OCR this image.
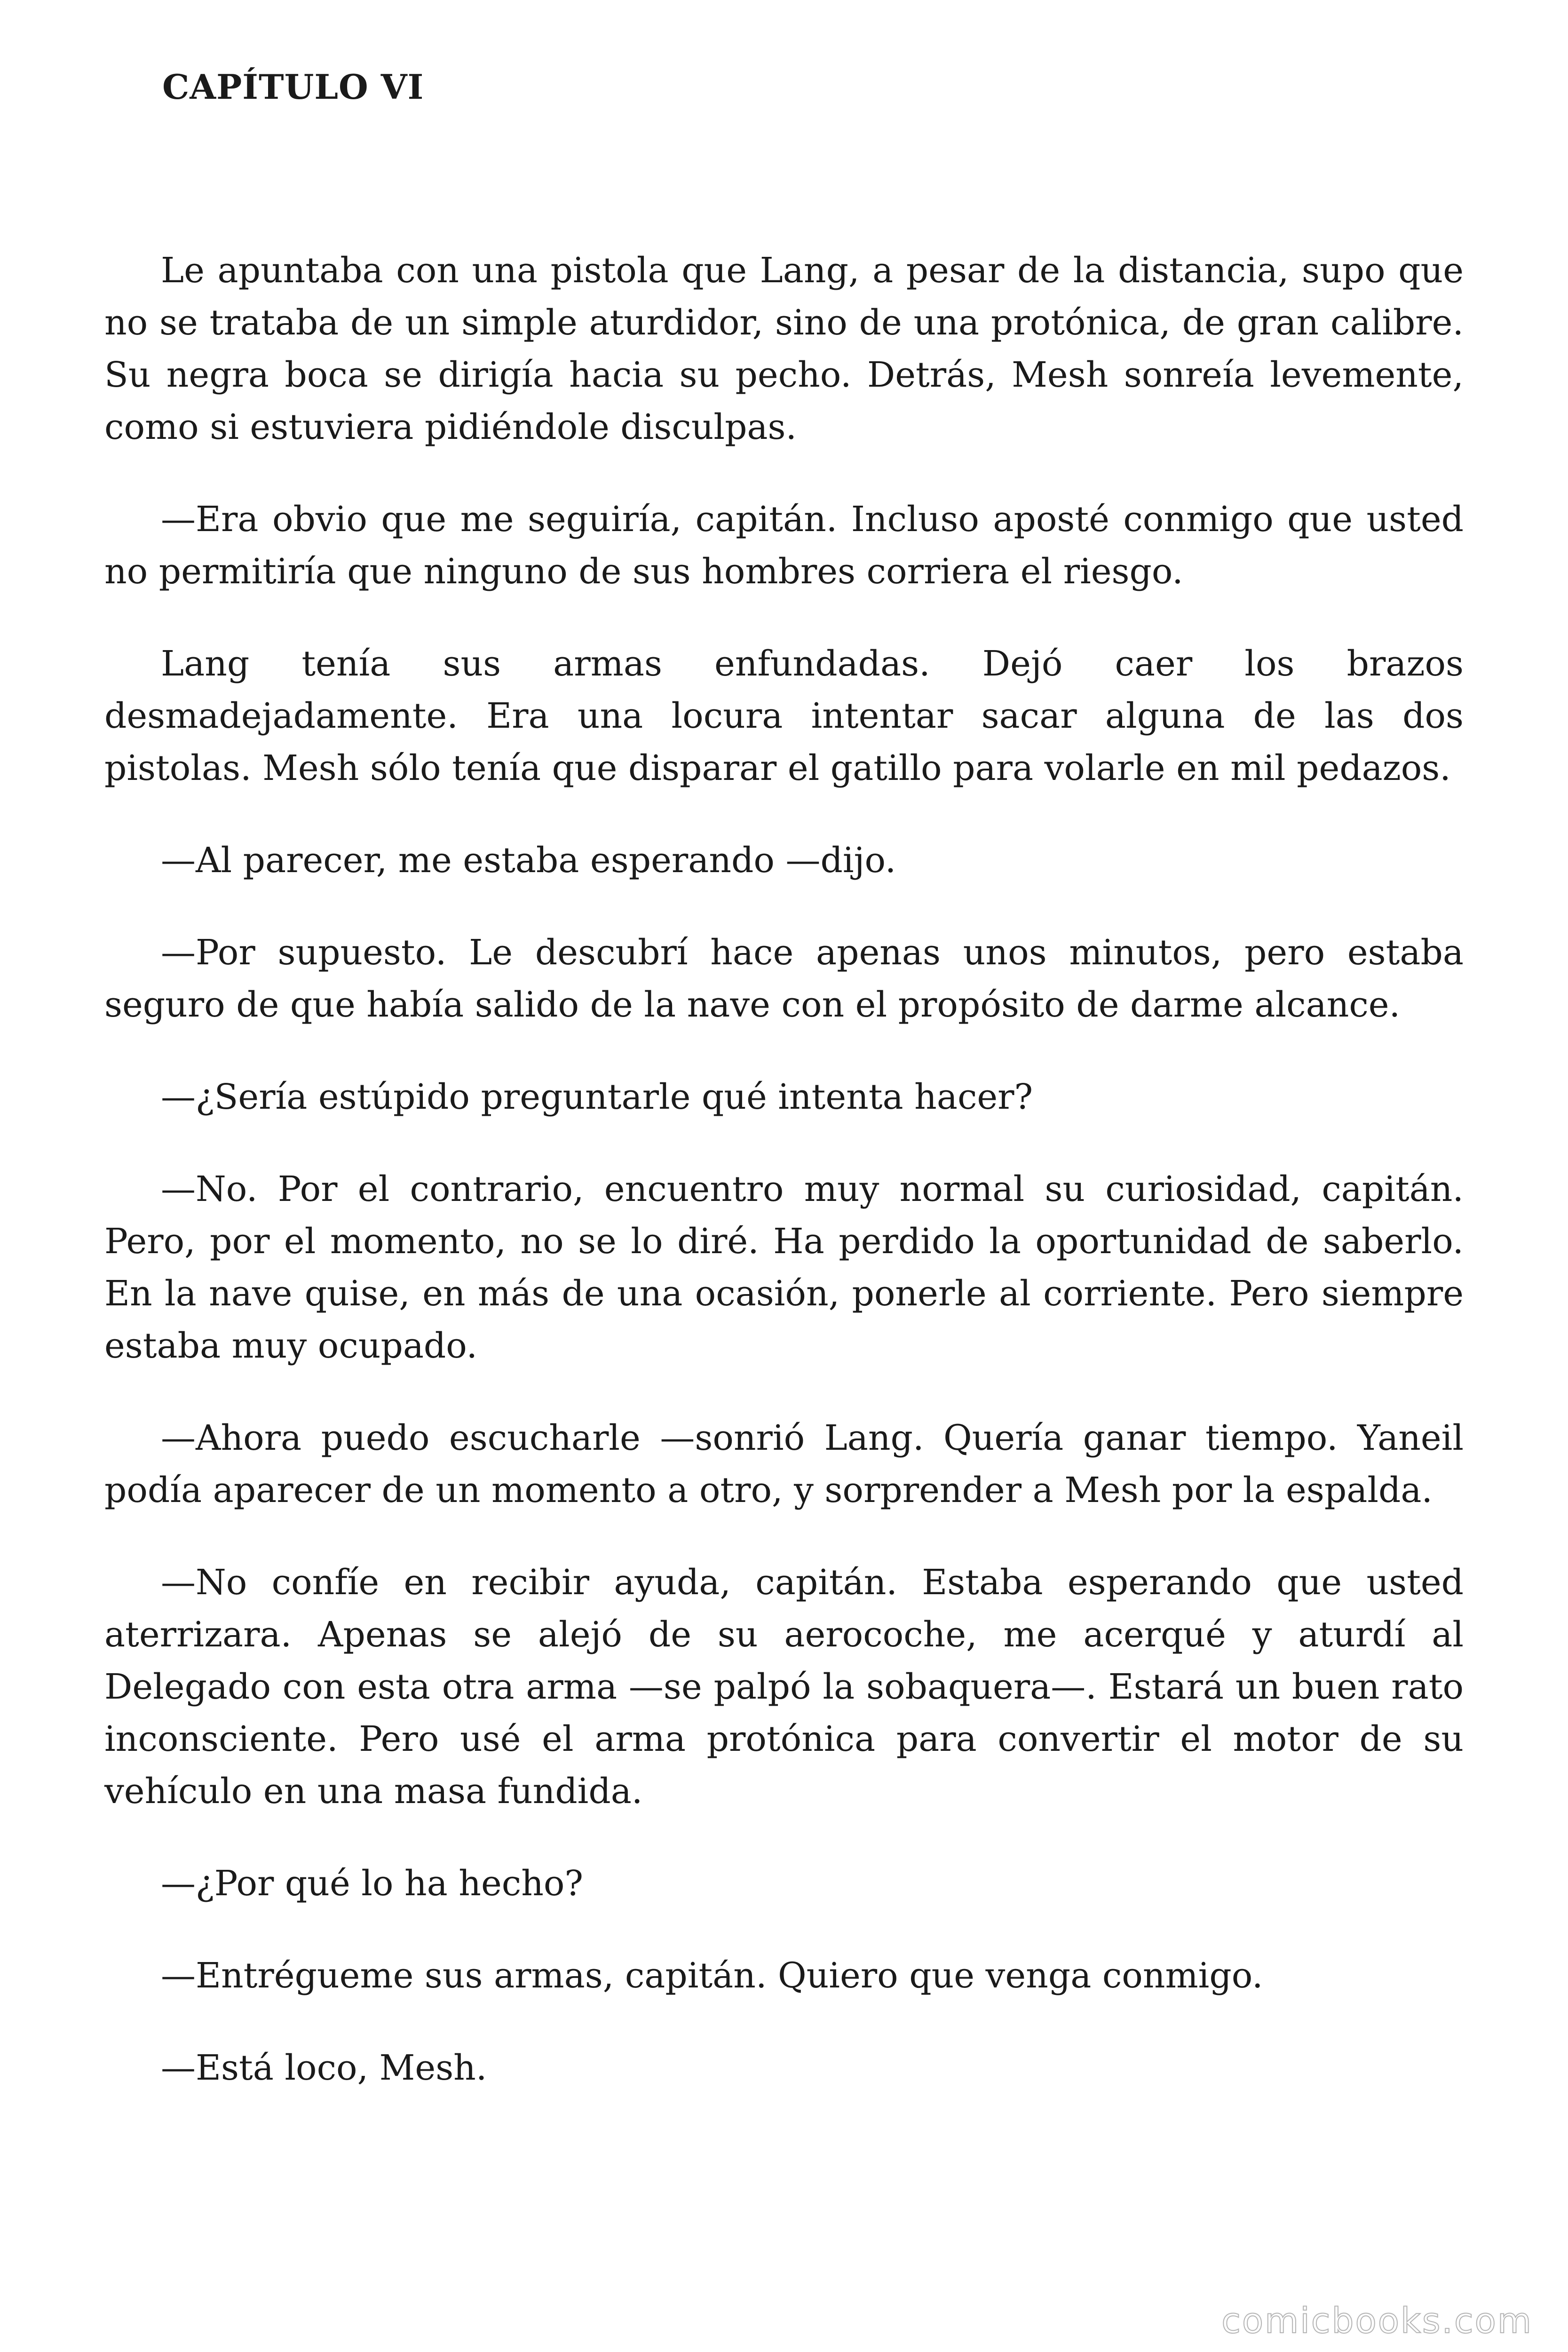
CAPÍTULO VI

Le apuntaba con una pistola que Lang, a pesar de la distancia, supo que no se trataba de un simple aturdidor, sino de una protónica, de gran calibre. Su negra boca se dirigía hacia su pecho. Detrás, Mesh sonreía levemente, como si estuviera pidiéndole disculpas.

—Era obvio que me seguiría, capitán. Incluso aposté conmigo que usted no permitiría que ninguno de sus hombres corriera el riesgo.

Lang tenía sus armas enfundadas. Dejó caer los brazos desmadejadamente. Era una locura intentar sacar alguna de las dos pistolas. Mesh sólo tenía que disparar el gatillo para volarle en mil pedazos.

—Al parecer, me estaba esperando —dijo.

—Por supuesto. Le descubrí hace apenas unos minutos, pero estaba seguro de que había salido de la nave con el propósito de darme alcance.

—¿Sería estúpido preguntarle qué intenta hacer?

—No. Por el contrario, encuentro muy normal su curiosidad, capitán. Pero, por el momento, no se lo diré. Ha perdido la oportunidad de saberlo. En la nave quise, en más de una ocasión, ponerle al corriente. Pero siempre estaba muy ocupado.

—Ahora puedo escucharle —sonrió Lang. Quería ganar tiempo. Yaneil podía aparecer de un momento a otro, y sorprender a Mesh por la espalda.

—No confíe en recibir ayuda, capitán. Estaba esperando que usted aterrizara. Apenas se alejó de su aerocoche, me acerqué y aturdí al Delegado con esta otra arma —se palpó la sobaquera—. Estará un buen rato inconsciente. Pero usé el arma protónica para convertir el motor de su vehículo en una masa fundida.

—¿Por qué lo ha hecho?

—Entrégueme sus armas, capitán. Quiero que venga conmigo.

—Está loco, Mesh.

comicbooks.com
